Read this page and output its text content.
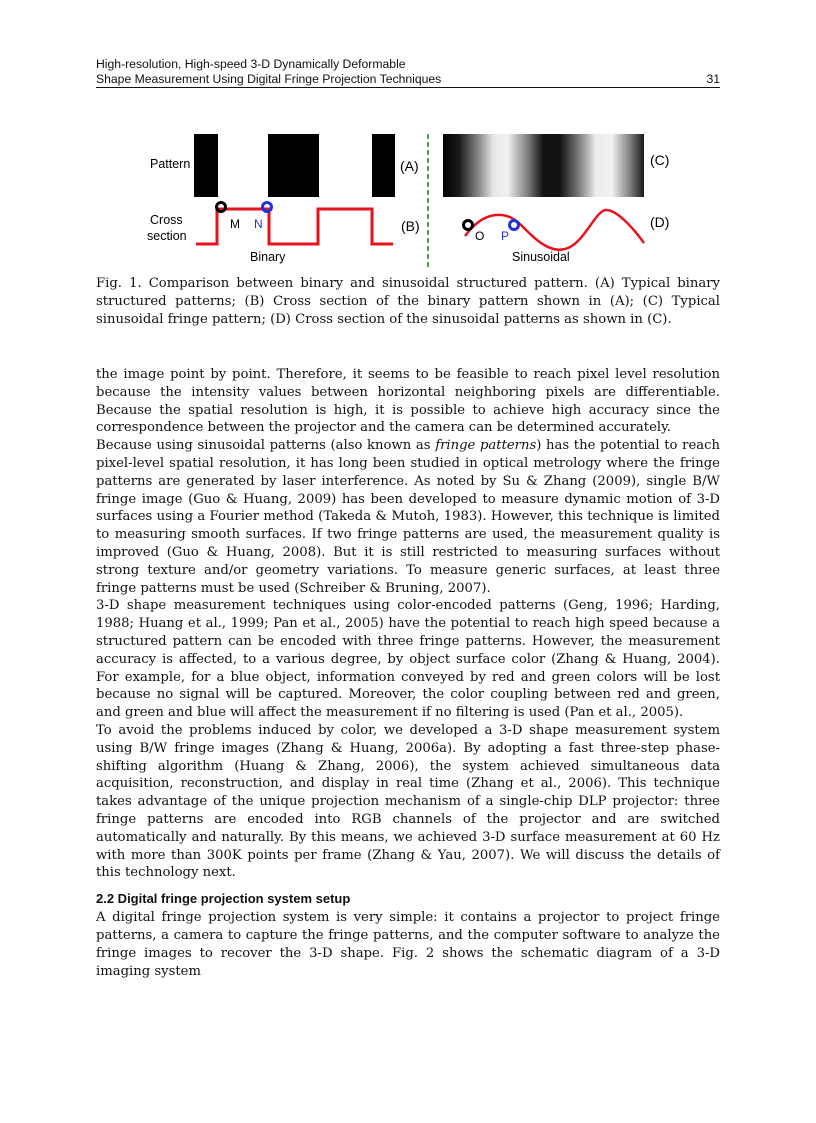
High-resolution, High-speed 3-D Dynamically Deformable
Shape Measurement Using Digital Fringe Projection Techniques	31
Pattern
Cross
section
Binary	Sinusoidal
(A)
(B)
(C)
(D)
M N
O P
Fig. 1. Comparison between binary and sinusoidal structured pattern. (A) Typical binary structured patterns; (B) Cross section of the binary pattern shown in (A); (C) Typical sinusoidal fringe pattern; (D) Cross section of the sinusoidal patterns as shown in (C).

the image point by point. Therefore, it seems to be feasible to reach pixel level resolution because the intensity values between horizontal neighboring pixels are differentiable. Because the spatial resolution is high, it is possible to achieve high accuracy since the correspondence between the projector and the camera can be determined accurately.

Because using sinusoidal patterns (also known as fringe patterns) has the potential to reach pixel-level spatial resolution, it has long been studied in optical metrology where the fringe patterns are generated by laser interference. As noted by Su & Zhang (2009), single B/W fringe image (Guo & Huang, 2009) has been developed to measure dynamic motion of 3-D surfaces using a Fourier method (Takeda & Mutoh, 1983). However, this technique is limited to measuring smooth surfaces. If two fringe patterns are used, the measurement quality is improved (Guo & Huang, 2008). But it is still restricted to measuring surfaces without strong texture and/or geometry variations. To measure generic surfaces, at least three fringe patterns must be used (Schreiber & Bruning, 2007).

3-D shape measurement techniques using color-encoded patterns (Geng, 1996; Harding, 1988; Huang et al., 1999; Pan et al., 2005) have the potential to reach high speed because a structured pattern can be encoded with three fringe patterns. However, the measurement accuracy is affected, to a various degree, by object surface color (Zhang & Huang, 2004). For example, for a blue object, information conveyed by red and green colors will be lost because no signal will be captured. Moreover, the color coupling between red and green, and green and blue will affect the measurement if no filtering is used (Pan et al., 2005).

To avoid the problems induced by color, we developed a 3-D shape measurement system using B/W fringe images (Zhang & Huang, 2006a). By adopting a fast three-step phase-shifting algorithm (Huang & Zhang, 2006), the system achieved simultaneous data acquisition, reconstruction, and display in real time (Zhang et al., 2006). This technique takes advantage of the unique projection mechanism of a single-chip DLP projector: three fringe patterns are encoded into RGB channels of the projector and are switched automatically and naturally. By this means, we achieved 3-D surface measurement at 60 Hz with more than 300K points per frame (Zhang & Yau, 2007). We will discuss the details of this technology next.

2.2 Digital fringe projection system setup

A digital fringe projection system is very simple: it contains a projector to project fringe patterns, a camera to capture the fringe patterns, and the computer software to analyze the fringe images to recover the 3-D shape. Fig. 2 shows the schematic diagram of a 3-D imaging system
